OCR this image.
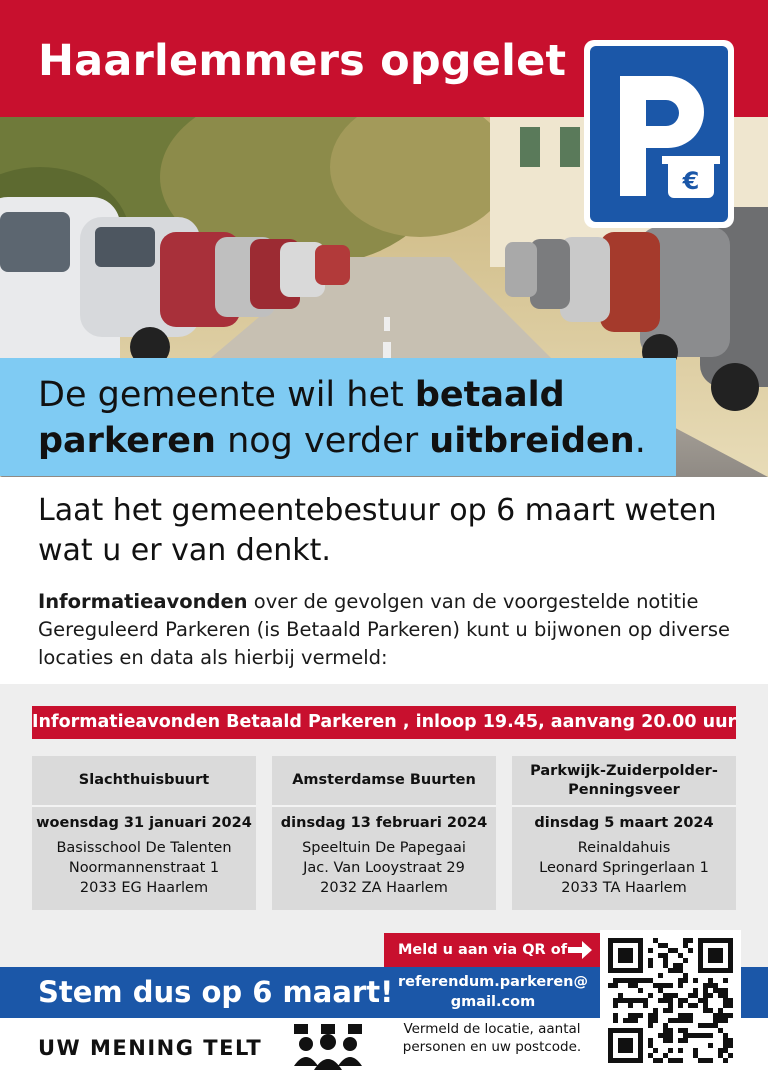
Haarlemmers opgelet
€
De gemeente wil het betaald parkeren nog verder uitbreiden.
Laat het gemeentebestuur op 6 maart weten wat u er van denkt.
Informatieavonden over de gevolgen van de voorgestelde notitie Gereguleerd Parkeren (is Betaald Parkeren) kunt u bijwonen op diverse locaties en data als hierbij vermeld:
Informatieavonden Betaald Parkeren , inloop 19.45, aanvang 20.00 uur
Slachthuisbuurt
woensdag 31 januari 2024
Basisschool De Talenten
Noormannenstraat 1
2033 EG Haarlem
Amsterdamse Buurten
dinsdag 13 februari 2024
Speeltuin De Papegaai
Jac. Van Looystraat 29
2032 ZA Haarlem
Parkwijk-Zuiderpolder-Penningsveer
dinsdag 5 maart 2024
Reinaldahuis
Leonard Springerlaan 1
2033 TA Haarlem
Meld u aan via QR of
Stem dus op 6 maart! referendum.parkeren@ gmail.com
UW MENING TELT
Vermeld de locatie, aantal personen en uw postcode.
